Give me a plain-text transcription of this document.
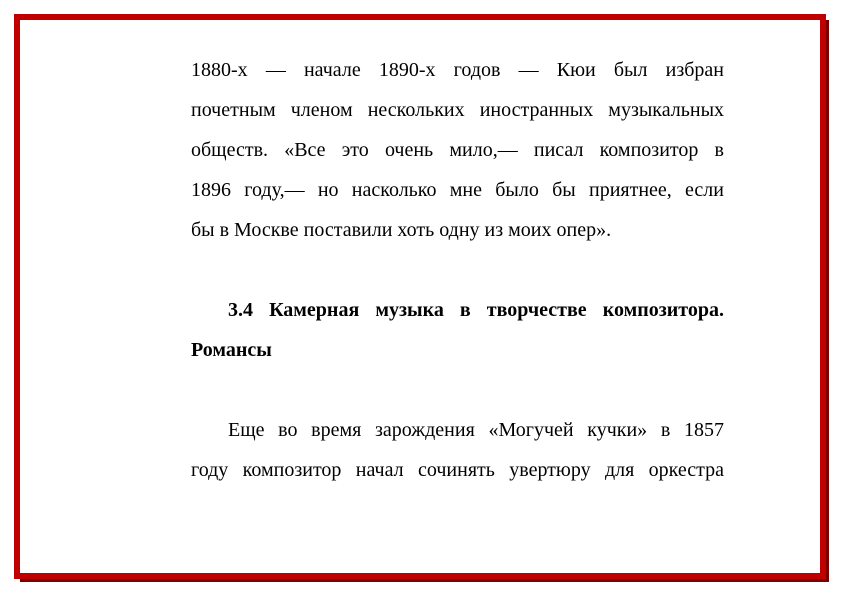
1880-х — начале 1890-х годов — Кюи был избран
почетным членом нескольких иностранных музыкальных
обществ. «Все это очень мило,— писал композитор в
1896 году,— но насколько мне было бы приятнее, если
бы в Москве поставили хоть одну из моих опер».

3.4 Камерная музыка в творчестве композитора.
Романсы

Еще во время зарождения «Могучей кучки» в 1857
году композитор начал сочинять увертюру для оркестра
